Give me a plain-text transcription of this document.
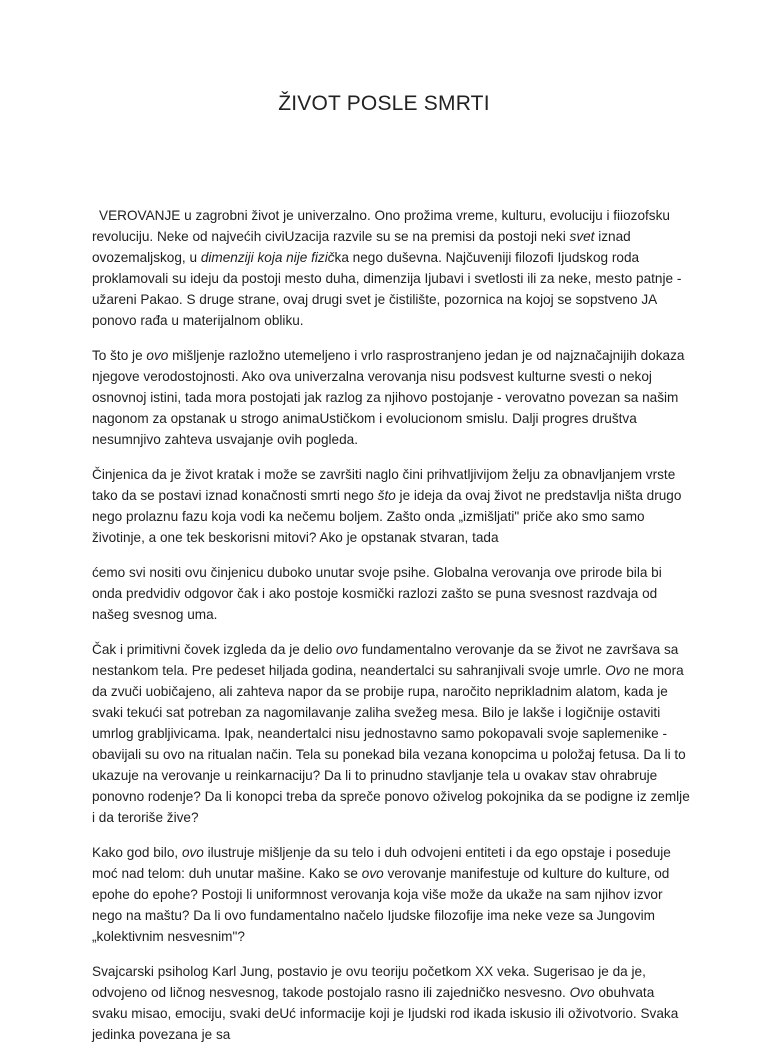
ŽIVOT POSLE SMRTI

VEROVANJE u zagrobni život je univerzalno. Ono prožima vreme, kulturu, evoluciju i fiiozofsku revoluciju. Neke od najvećih civiUzacija razvile su se na premisi da postoji neki svet iznad ovozemaljskog, u dimenziji koja nije fizička nego duševna. Najčuveniji filozofi Ijudskog roda proklamovali su ideju da postoji mesto duha, dimenzija Ijubavi i svetlosti ili za neke, mesto patnje - užareni Pakao. S druge strane, ovaj drugi svet je čistilište, pozornica na kojoj se sopstveno JA ponovo rađa u materijalnom obliku.

To što je ovo mišljenje razložno utemeljeno i vrlo rasprostranjeno jedan je od najznačajnijih dokaza njegove verodostojnosti. Ako ova univerzalna verovanja nisu podsvest kulturne svesti o nekoj osnovnoj istini, tada mora postojati jak razlog za njihovo postojanje - verovatno povezan sa našim nagonom za opstanak u strogo animaUstičkom i evolucionom smislu. Dalji progres društva nesumnjivo zahteva usvajanje ovih pogleda.

Činjenica da je život kratak i može se završiti naglo čini prihvatljivijom želju za obnavljanjem vrste tako da se postavi iznad konačnosti smrti nego što je ideja da ovaj život ne predstavlja ništa drugo nego prolaznu fazu koja vodi ka nečemu boljem. Zašto onda „izmišljati" priče ako smo samo životinje, a one tek beskorisni mitovi? Ako je opstanak stvaran, tada

ćemo svi nositi ovu činjenicu duboko unutar svoje psihe. Globalna verovanja ove prirode bila bi onda predvidiv odgovor čak i ako postoje kosmički razlozi zašto se puna svesnost razdvaja od našeg svesnog uma.

Čak i primitivni čovek izgleda da je delio ovo fundamentalno verovanje da se život ne završava sa nestankom tela. Pre pedeset hiljada godina, neandertalci su sahranjivali svoje umrle. Ovo ne mora da zvuči uobičajeno, ali zahteva napor da se probije rupa, naročito neprikladnim alatom, kada je svaki tekući sat potreban za nagomilavanje zaliha svežeg mesa. Bilo je lakše i logičnije ostaviti umrlog grabljivicama. Ipak, neandertalci nisu jednostavno samo pokopavali svoje saplemenike - obavijali su ovo na ritualan način. Tela su ponekad bila vezana konopcima u položaj fetusa. Da li to ukazuje na verovanje u reinkarnaciju? Da li to prinudno stavljanje tela u ovakav stav ohrabruje ponovno rodenje? Da li konopci treba da spreče ponovo oživelog pokojnika da se podigne iz zemlje i da teroriše žive?

Kako god bilo, ovo ilustruje mišljenje da su telo i duh odvojeni entiteti i da ego opstaje i poseduje moć nad telom: duh unutar mašine. Kako se ovo verovanje manifestuje od kulture do kulture, od epohe do epohe? Postoji li uniformnost verovanja koja više može da ukaže na sam njihov izvor nego na maštu? Da li ovo fundamentalno načelo Ijudske filozofije ima neke veze sa Jungovim „kolektivnim nesvesnim"?

Svajcarski psiholog Karl Jung, postavio je ovu teoriju početkom XX veka. Sugerisao je da je, odvojeno od ličnog nesvesnog, takode postojalo rasno ili zajedničko nesvesno. Ovo obuhvata svaku misao, emociju, svaki deUć informacije koji je Ijudski rod ikada iskusio ili oživotvorio. Svaka jedinka povezana je sa
